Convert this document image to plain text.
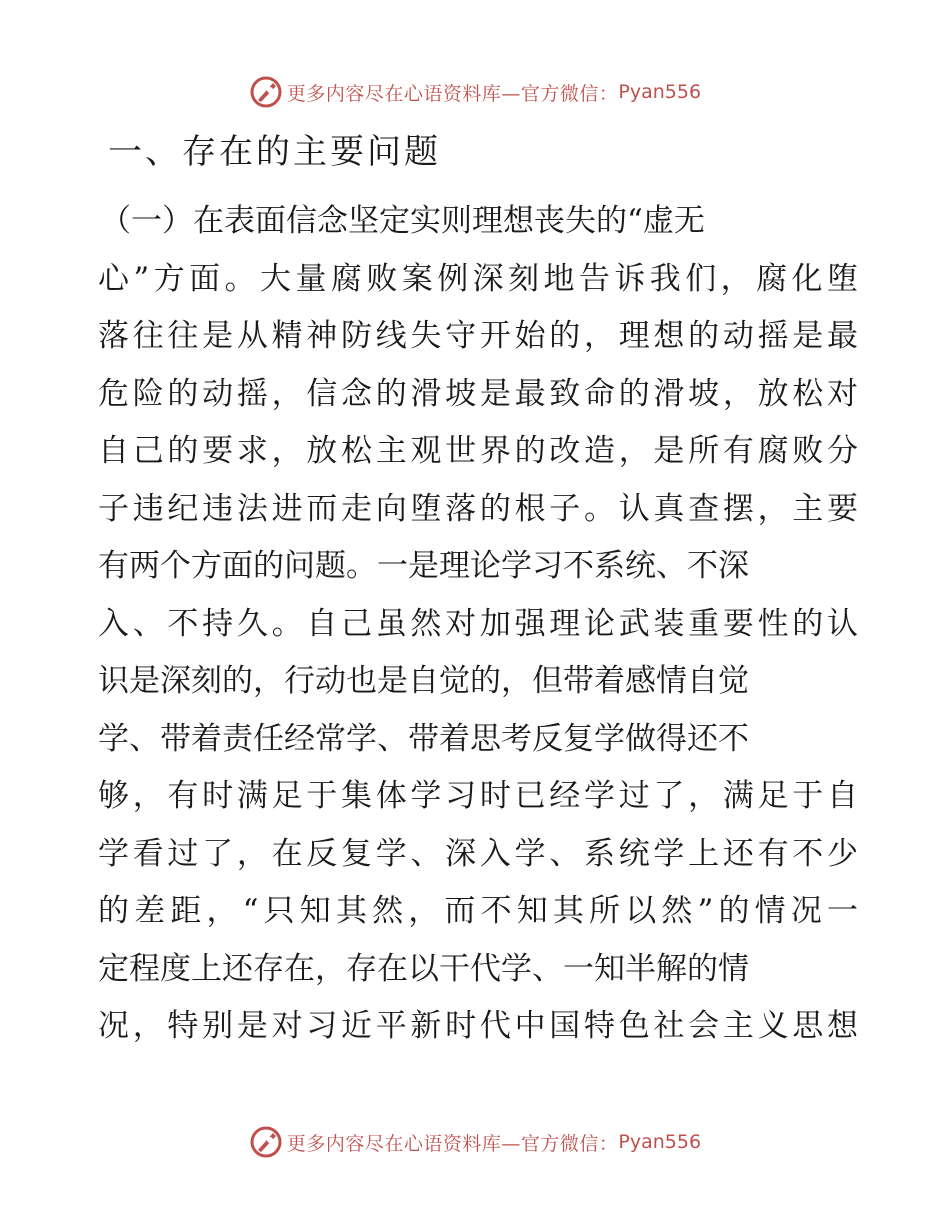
更多内容尽在心语资料库—官方微信： Pyan556
一、存在的主要问题
（一）在表面信念坚定实则理想丧失的“虚无
心”方面。大量腐败案例深刻地告诉我们，腐化堕
落往往是从精神防线失守开始的，理想的动摇是最
危险的动摇，信念的滑坡是最致命的滑坡，放松对
自己的要求，放松主观世界的改造，是所有腐败分
子违纪违法进而走向堕落的根子。认真查摆，主要
有两个方面的问题。一是理论学习不系统、不深
入、不持久。自己虽然对加强理论武装重要性的认
识是深刻的，行动也是自觉的，但带着感情自觉
学、带着责任经常学、带着思考反复学做得还不
够，有时满足于集体学习时已经学过了，满足于自
学看过了，在反复学、深入学、系统学上还有不少
的差距，“只知其然，而不知其所以然”的情况一
定程度上还存在，存在以干代学、一知半解的情
况，特别是对习近平新时代中国特色社会主义思想
更多内容尽在心语资料库—官方微信： Pyan556
